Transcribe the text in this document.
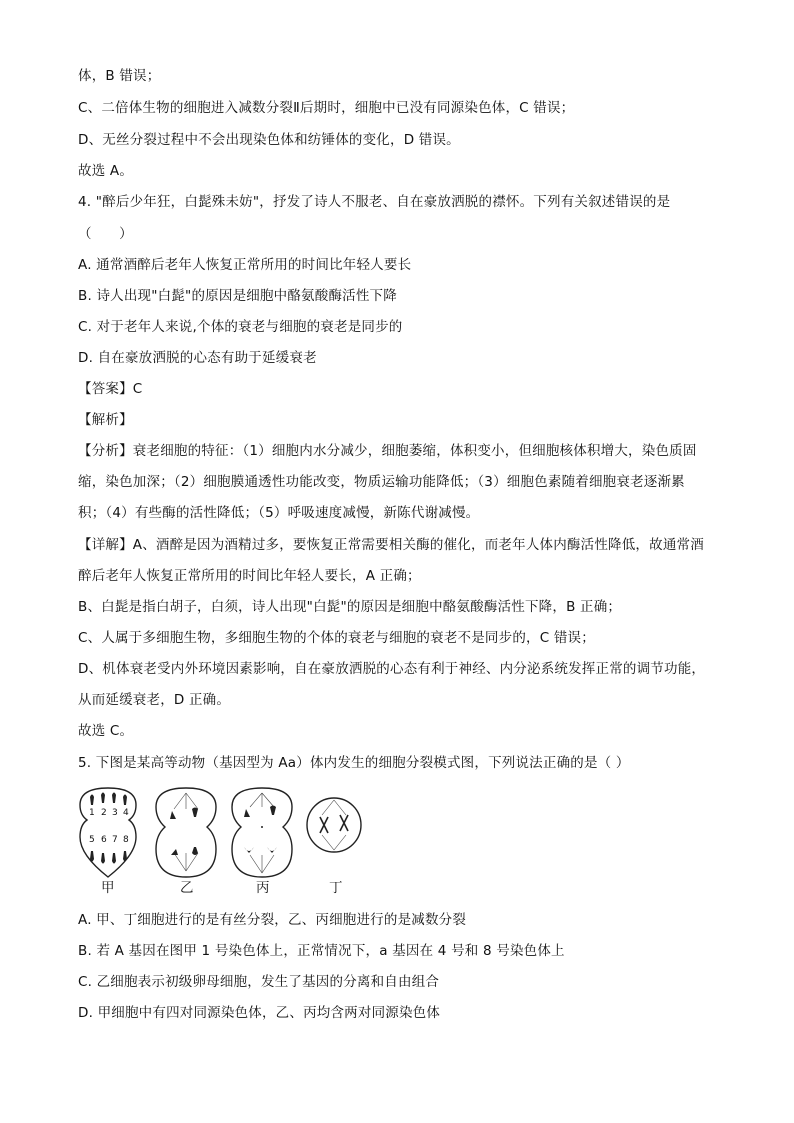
体，B 错误；
C、二倍体生物的细胞进入减数分裂Ⅱ后期时，细胞中已没有同源染色体，C 错误；
D、无丝分裂过程中不会出现染色体和纺锤体的变化，D 错误。
故选 A。
4. "醉后少年狂，白髭殊未妨"，抒发了诗人不服老、自在豪放洒脱的襟怀。下列有关叙述错误的是
（　　）
A. 通常酒醉后老年人恢复正常所用的时间比年轻人要长
B. 诗人出现"白髭"的原因是细胞中酪氨酸酶活性下降
C. 对于老年人来说,个体的衰老与细胞的衰老是同步的
D. 自在豪放洒脱的心态有助于延缓衰老
【答案】C
【解析】
【分析】衰老细胞的特征：（1）细胞内水分减少，细胞萎缩，体积变小，但细胞核体积增大，染色质固
缩，染色加深；（2）细胞膜通透性功能改变，物质运输功能降低；（3）细胞色素随着细胞衰老逐渐累
积；（4）有些酶的活性降低；（5）呼吸速度减慢，新陈代谢减慢。
【详解】A、酒醉是因为酒精过多，要恢复正常需要相关酶的催化，而老年人体内酶活性降低，故通常酒
醉后老年人恢复正常所用的时间比年轻人要长，A 正确；
B、白髭是指白胡子，白须，诗人出现"白髭"的原因是细胞中酪氨酸酶活性下降，B 正确；
C、人属于多细胞生物，多细胞生物的个体的衰老与细胞的衰老不是同步的，C 错误；
D、机体衰老受内外环境因素影响，自在豪放洒脱的心态有利于神经、内分泌系统发挥正常的调节功能，
从而延缓衰老，D 正确。
故选 C。
5. 下图是某高等动物（基因型为 Aa）体内发生的细胞分裂模式图，下列说法正确的是（ ）
1 2 3 4
5 6 7 8
甲	乙	丙	丁
A. 甲、丁细胞进行的是有丝分裂，乙、丙细胞进行的是减数分裂
B. 若 A 基因在图甲 1 号染色体上，正常情况下，a 基因在 4 号和 8 号染色体上
C. 乙细胞表示初级卵母细胞，发生了基因的分离和自由组合
D. 甲细胞中有四对同源染色体，乙、丙均含两对同源染色体
